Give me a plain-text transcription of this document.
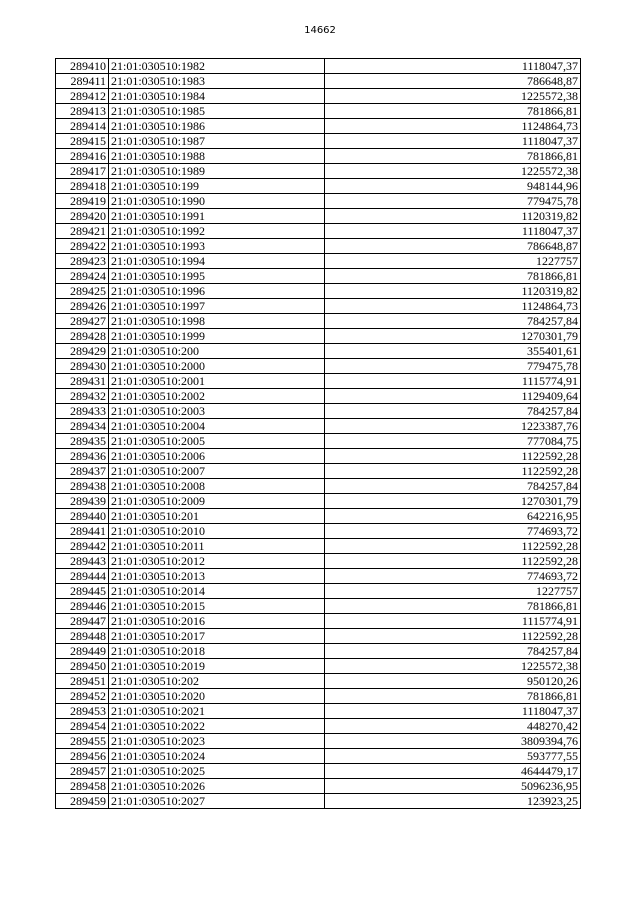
14662
289410	21:01:030510:1982	1118047,37
289411	21:01:030510:1983	786648,87
289412	21:01:030510:1984	1225572,38
289413	21:01:030510:1985	781866,81
289414	21:01:030510:1986	1124864,73
289415	21:01:030510:1987	1118047,37
289416	21:01:030510:1988	781866,81
289417	21:01:030510:1989	1225572,38
289418	21:01:030510:199	948144,96
289419	21:01:030510:1990	779475,78
289420	21:01:030510:1991	1120319,82
289421	21:01:030510:1992	1118047,37
289422	21:01:030510:1993	786648,87
289423	21:01:030510:1994	1227757
289424	21:01:030510:1995	781866,81
289425	21:01:030510:1996	1120319,82
289426	21:01:030510:1997	1124864,73
289427	21:01:030510:1998	784257,84
289428	21:01:030510:1999	1270301,79
289429	21:01:030510:200	355401,61
289430	21:01:030510:2000	779475,78
289431	21:01:030510:2001	1115774,91
289432	21:01:030510:2002	1129409,64
289433	21:01:030510:2003	784257,84
289434	21:01:030510:2004	1223387,76
289435	21:01:030510:2005	777084,75
289436	21:01:030510:2006	1122592,28
289437	21:01:030510:2007	1122592,28
289438	21:01:030510:2008	784257,84
289439	21:01:030510:2009	1270301,79
289440	21:01:030510:201	642216,95
289441	21:01:030510:2010	774693,72
289442	21:01:030510:2011	1122592,28
289443	21:01:030510:2012	1122592,28
289444	21:01:030510:2013	774693,72
289445	21:01:030510:2014	1227757
289446	21:01:030510:2015	781866,81
289447	21:01:030510:2016	1115774,91
289448	21:01:030510:2017	1122592,28
289449	21:01:030510:2018	784257,84
289450	21:01:030510:2019	1225572,38
289451	21:01:030510:202	950120,26
289452	21:01:030510:2020	781866,81
289453	21:01:030510:2021	1118047,37
289454	21:01:030510:2022	448270,42
289455	21:01:030510:2023	3809394,76
289456	21:01:030510:2024	593777,55
289457	21:01:030510:2025	4644479,17
289458	21:01:030510:2026	5096236,95
289459	21:01:030510:2027	123923,25
